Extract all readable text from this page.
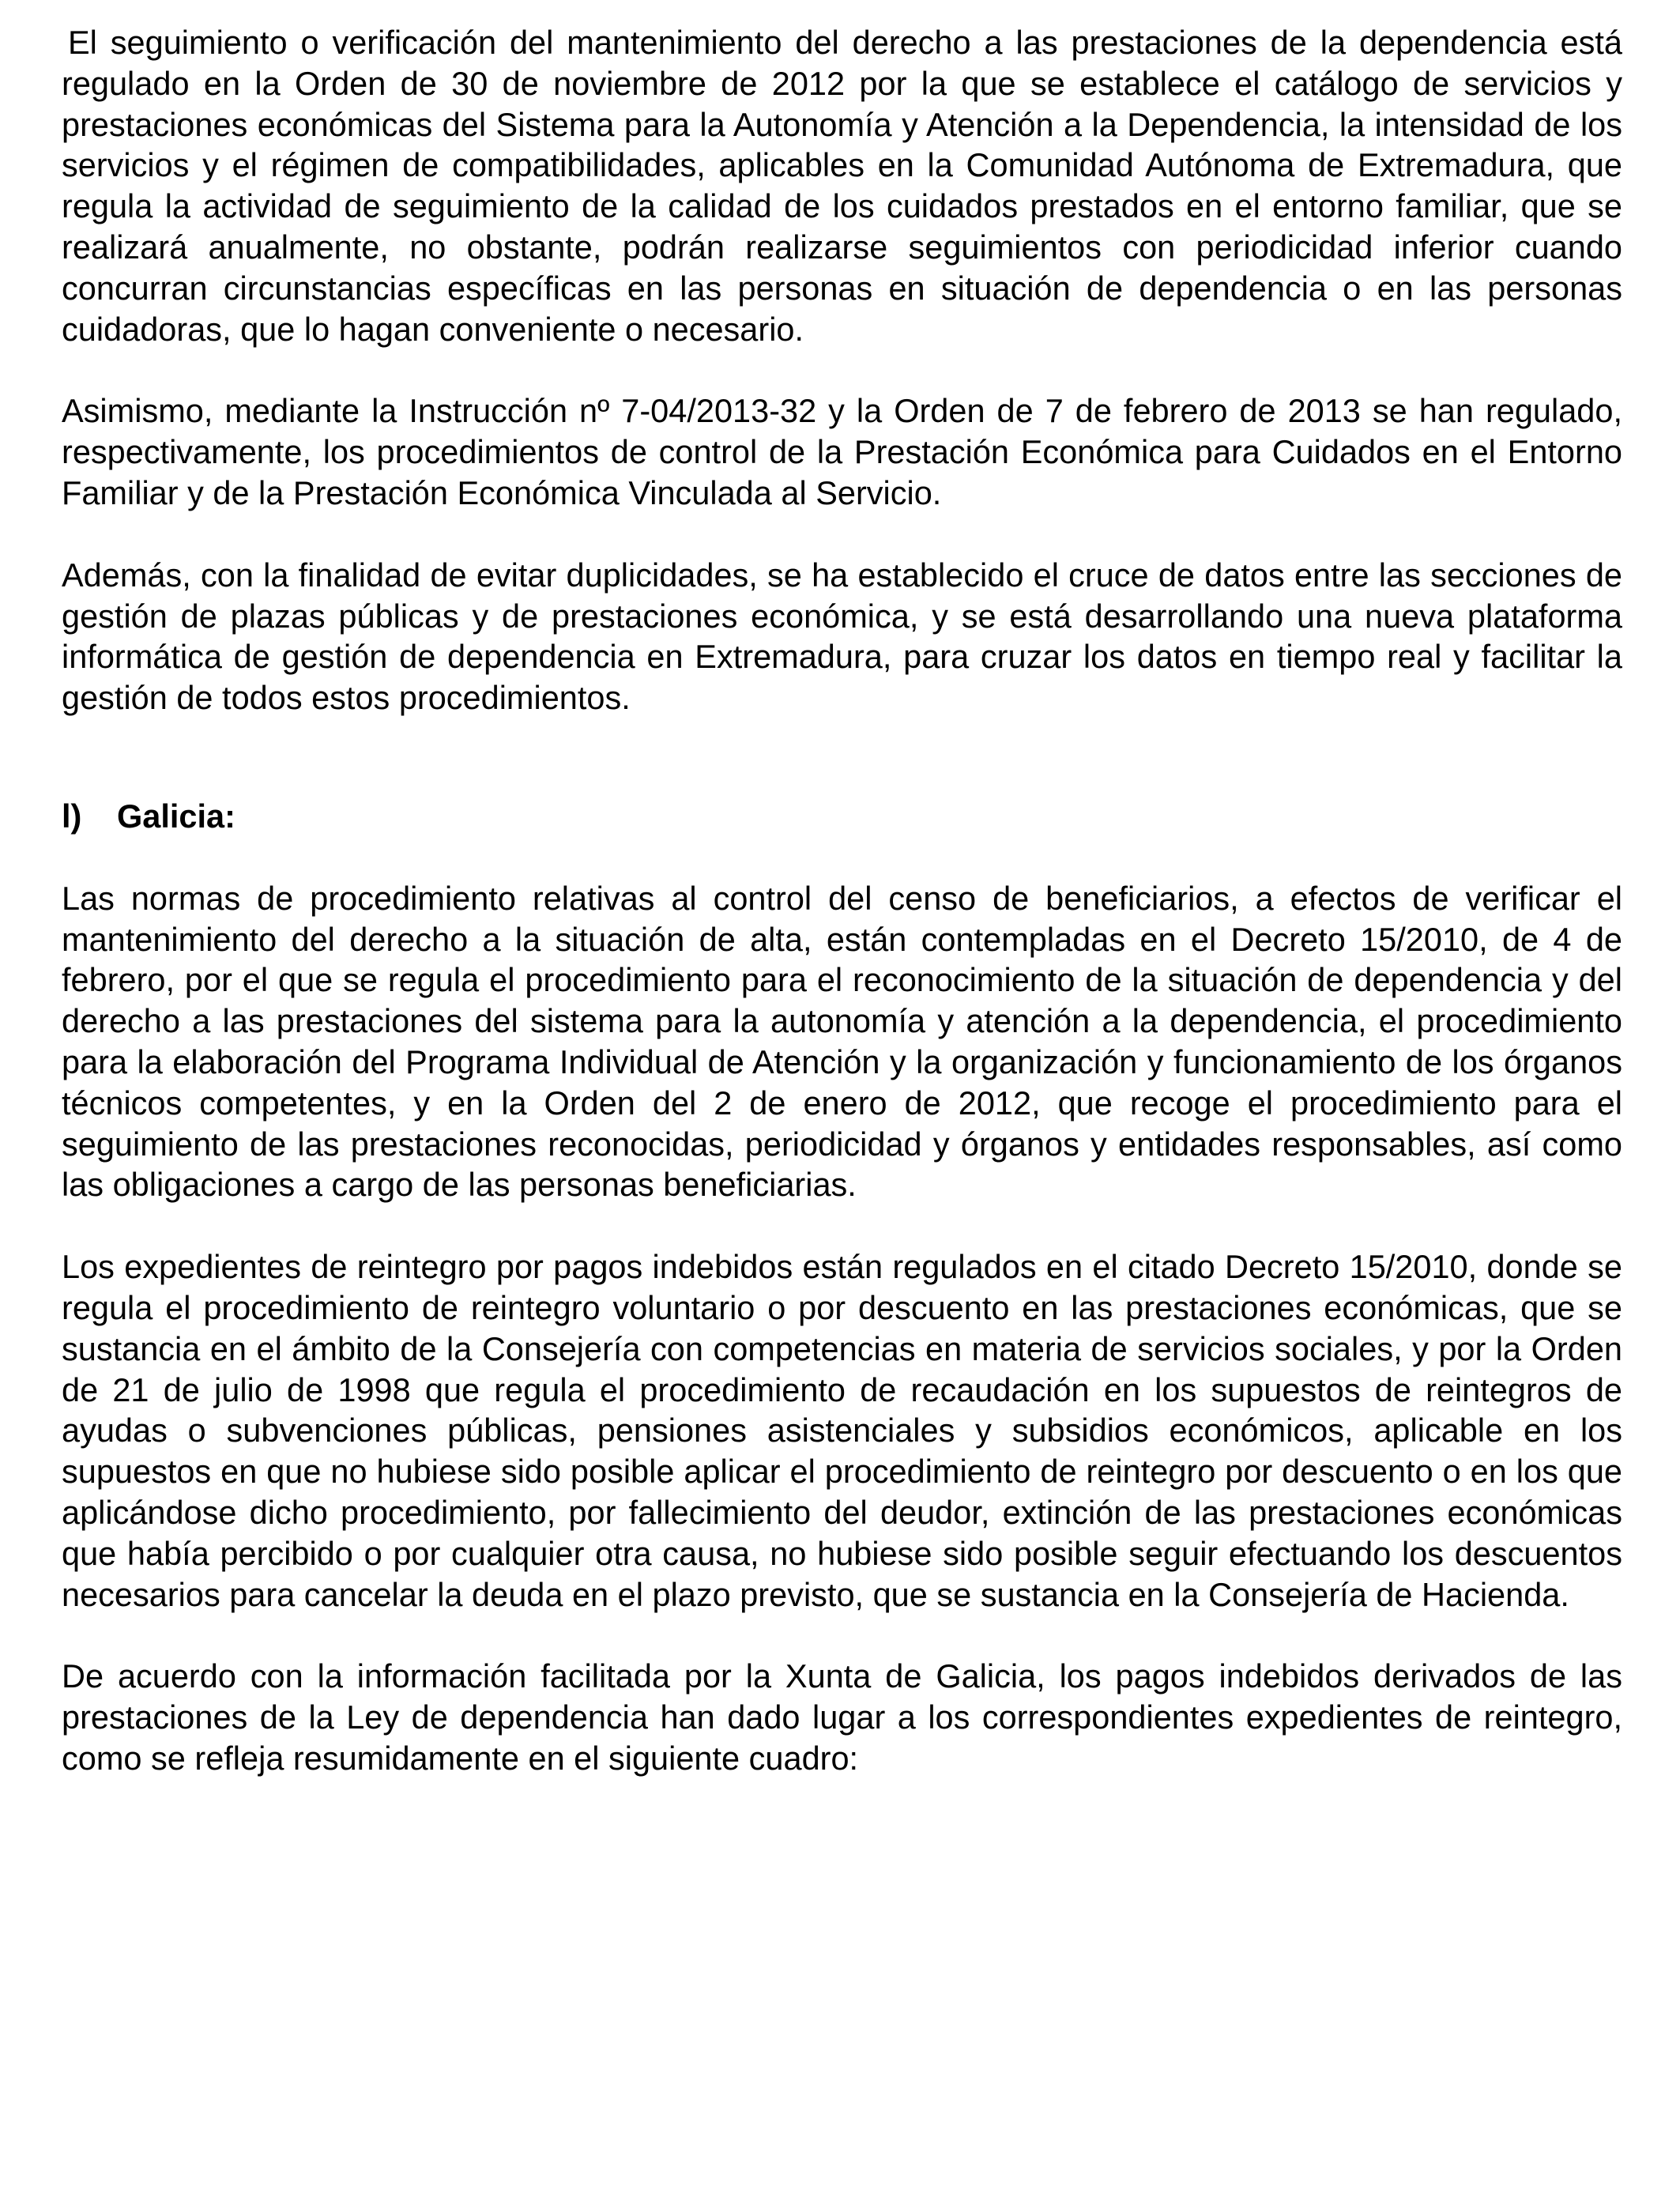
El seguimiento o verificación del mantenimiento del derecho a las prestaciones de la dependencia está regulado en la Orden de 30 de noviembre de 2012 por la que se establece el catálogo de servicios y prestaciones económicas del Sistema para la Autonomía y Atención a la Dependencia, la intensidad de los servicios y el régimen de compatibilidades, aplicables en la Comunidad Autónoma de Extremadura, que regula la actividad de seguimiento de la calidad de los cuidados prestados en el entorno familiar, que se realizará anualmente, no obstante, podrán realizarse seguimientos con periodicidad inferior cuando concurran circunstancias específicas en las personas en situación de dependencia o en las personas cuidadoras, que lo hagan conveniente o necesario.

Asimismo, mediante la Instrucción nº 7-04/2013-32 y la Orden de 7 de febrero de 2013 se han regulado, respectivamente, los procedimientos de control de la Prestación Económica para Cuidados en el Entorno Familiar y de la Prestación Económica Vinculada al Servicio.

Además, con la finalidad de evitar duplicidades, se ha establecido el cruce de datos entre las secciones de gestión de plazas públicas y de prestaciones económica, y se está desarrollando una nueva plataforma informática de gestión de dependencia en Extremadura, para cruzar los datos en tiempo real y facilitar la gestión de todos estos procedimientos.

l)	Galicia:

Las normas de procedimiento relativas al control del censo de beneficiarios, a efectos de verificar el mantenimiento del derecho a la situación de alta, están contempladas en el Decreto 15/2010, de 4 de febrero, por el que se regula el procedimiento para el reconocimiento de la situación de dependencia y del derecho a las prestaciones del sistema para la autonomía y atención a la dependencia, el procedimiento para la elaboración del Programa Individual de Atención y la organización y funcionamiento de los órganos técnicos competentes, y en la Orden del 2 de enero de 2012, que recoge el procedimiento para el seguimiento de las prestaciones reconocidas, periodicidad y órganos y entidades responsables, así como las obligaciones a cargo de las personas beneficiarias.

Los expedientes de reintegro por pagos indebidos están regulados en el citado Decreto 15/2010, donde se regula el procedimiento de reintegro voluntario o por descuento en las prestaciones económicas, que se sustancia en el ámbito de la Consejería con competencias en materia de servicios sociales, y por la Orden de 21 de julio de 1998 que regula el procedimiento de recaudación en los supuestos de reintegros de ayudas o subvenciones públicas, pensiones asistenciales y subsidios económicos, aplicable en los supuestos en que no hubiese sido posible aplicar el procedimiento de reintegro por descuento o en los que aplicándose dicho procedimiento, por fallecimiento del deudor, extinción de las prestaciones económicas que había percibido o por cualquier otra causa, no hubiese sido posible seguir efectuando los descuentos necesarios para cancelar la deuda en el plazo previsto, que se sustancia en la Consejería de Hacienda.

De acuerdo con la información facilitada por la Xunta de Galicia, los pagos indebidos derivados de las prestaciones de la Ley de dependencia han dado lugar a los correspondientes expedientes de reintegro, como se refleja resumidamente en el siguiente cuadro:
